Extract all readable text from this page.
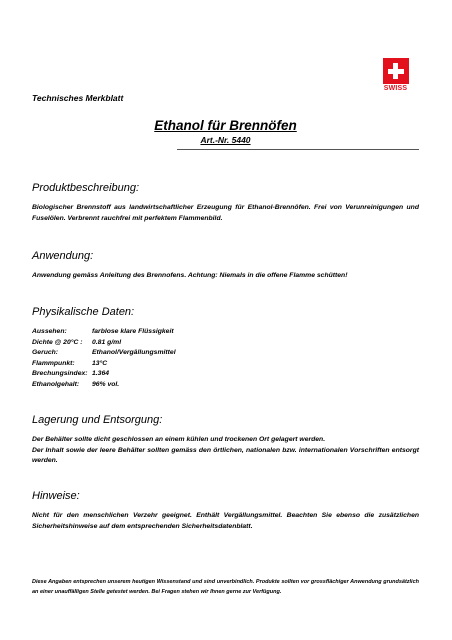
SWISS
Technisches Merkblatt
Ethanol für Brennöfen
Art.-Nr. 5440
Produktbeschreibung:

Biologischer Brennstoff aus landwirtschaftlicher Erzeugung für Ethanol-Brennöfen. Frei von Verunreinigungen und Fuselölen. Verbrennt rauchfrei mit perfektem Flammenbild.

Anwendung:

Anwendung gemäss Anleitung des Brennofens. Achtung: Niemals in die offene Flamme schütten!

Physikalische Daten:
Aussehen:	farblose klare Flüssigkeit
Dichte @ 20°C :	0.81 g/ml
Geruch:	Ethanol/Vergällungsmittel
Flammpunkt:	13°C
Brechungsindex: 1.364
Ethanolgehalt:	96% vol.
Lagerung und Entsorgung:

Der Behälter sollte dicht geschlossen an einem kühlen und trockenen Ort gelagert werden.

Der Inhalt sowie der leere Behälter sollten gemäss den örtlichen, nationalen bzw. internationalen Vorschriften entsorgt werden.

Hinweise:

Nicht für den menschlichen Verzehr geeignet. Enthält Vergällungsmittel. Beachten Sie ebenso die zusätzlichen Sicherheitshinweise auf dem entsprechenden Sicherheitsdatenblatt.

Diese Angaben entsprechen unserem heutigen Wissenstand und sind unverbindlich. Produkte sollten vor grossflächiger Anwendung grundsätzlich an einer unauffälligen Stelle getestet werden. Bei Fragen stehen wir Ihnen gerne zur Verfügung.
